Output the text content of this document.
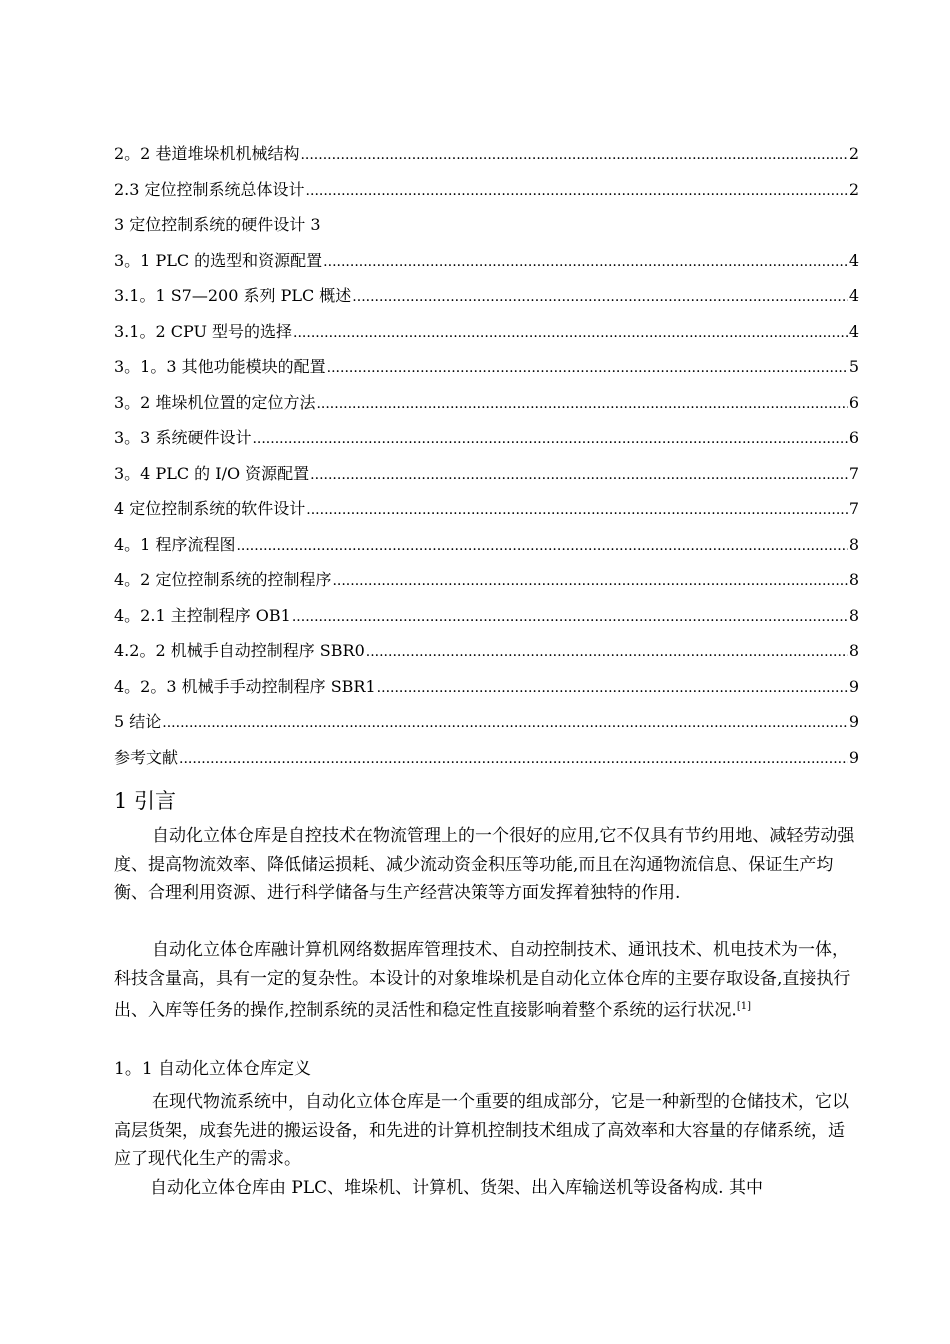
2。2 巷道堆垛机机械结构 .....	2
2.3 定位控制系统总体设计 .....	2
3 定位控制系统的硬件设计 3
3。1 PLC 的选型和资源配置 .....	4
3.1。1 S7—200 系列 PLC 概述 .....	4
3.1。2 CPU 型号的选择 .....	4
3。1。3 其他功能模块的配置 .....	5
3。2 堆垛机位置的定位方法 .....	6
3。3 系统硬件设计 .....	6
3。4 PLC 的 I/O 资源配置 .....	7
4 定位控制系统的软件设计 .....	7
4。1 程序流程图 .....	8
4。2 定位控制系统的控制程序 .....	8
4。2.1 主控制程序 OB1 .....	8
4.2。2 机械手自动控制程序 SBR0 .....	8
4。2。3 机械手手动控制程序 SBR1 .....	9
5 结论 .....	9
参考文献 .....	9
1 引言
自动化立体仓库是自控技术在物流管理上的一个很好的应用,它不仅具有节约用地、减轻劳动强度、提高物流效率、降低储运损耗、减少流动资金积压等功能,而且在沟通物流信息、保证生产均衡、合理利用资源、进行科学储备与生产经营决策等方面发挥着独特的作用.
自动化立体仓库融计算机网络数据库管理技术、自动控制技术、通讯技术、机电技术为一体，科技含量高，具有一定的复杂性。本设计的对象堆垛机是自动化立体仓库的主要存取设备,直接执行出、入库等任务的操作,控制系统的灵活性和稳定性直接影响着整个系统的运行状况.[1]
1。1 自动化立体仓库定义
在现代物流系统中，自动化立体仓库是一个重要的组成部分，它是一种新型的仓储技术，它以高层货架，成套先进的搬运设备，和先进的计算机控制技术组成了高效率和大容量的存储系统，适应了现代化生产的需求。
自动化立体仓库由 PLC、堆垛机、计算机、货架、出入库输送机等设备构成. 其中
